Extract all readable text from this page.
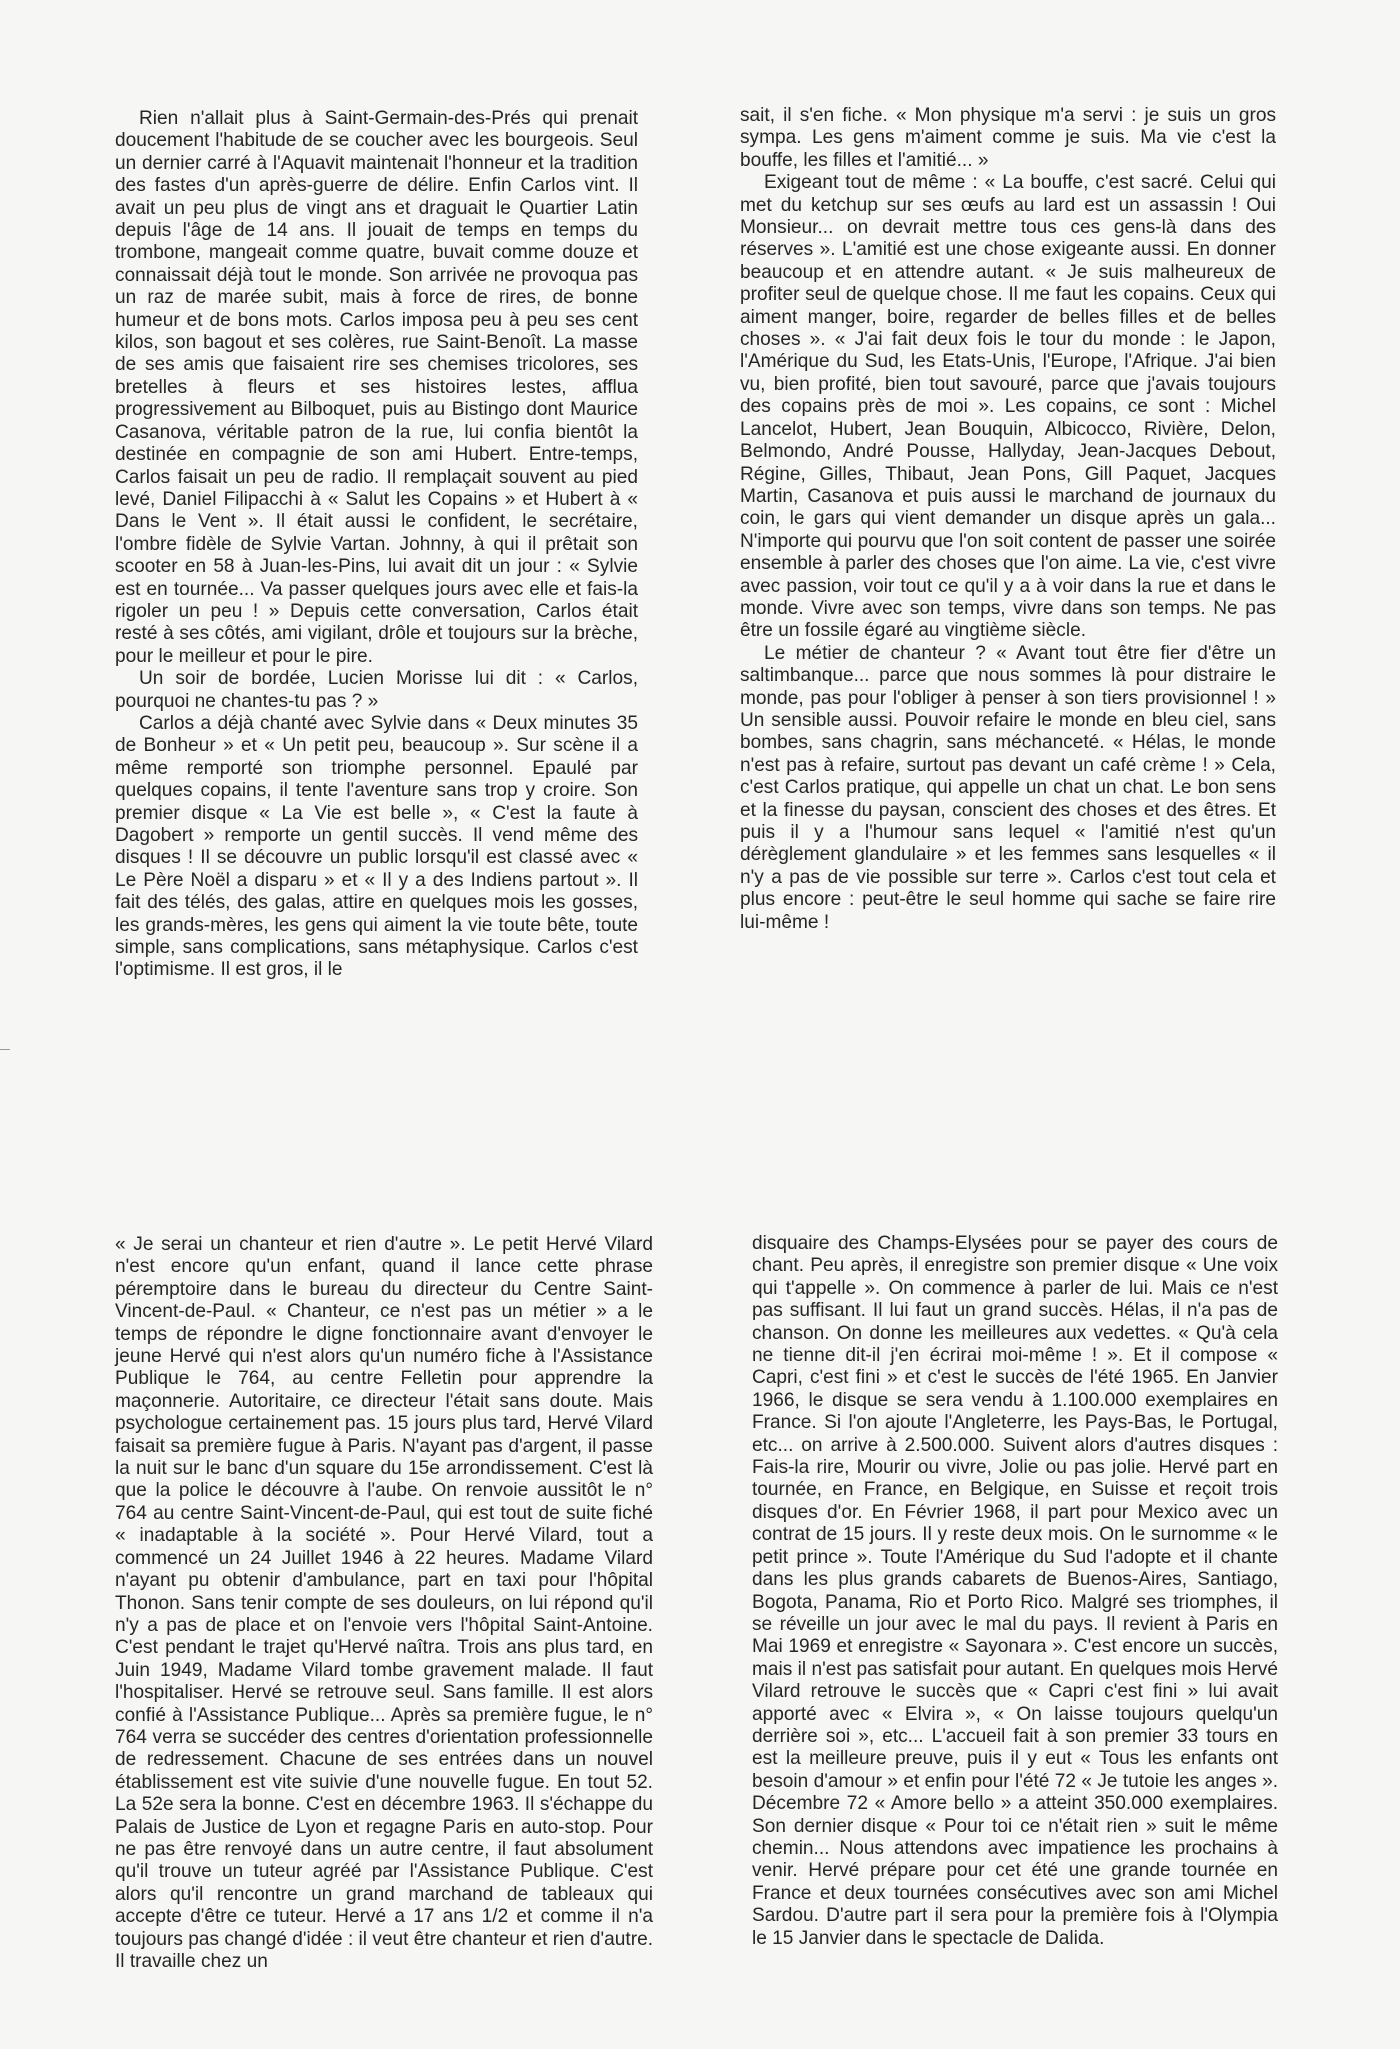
Rien n'allait plus à Saint-Germain-des-Prés qui prenait doucement l'habitude de se coucher avec les bourgeois. Seul un dernier carré à l'Aquavit maintenait l'honneur et la tradition des fastes d'un après-guerre de délire. Enfin Carlos vint. Il avait un peu plus de vingt ans et draguait le Quartier Latin depuis l'âge de 14 ans. Il jouait de temps en temps du trombone, mangeait comme quatre, buvait comme douze et connaissait déjà tout le monde. Son arrivée ne provoqua pas un raz de marée subit, mais à force de rires, de bonne humeur et de bons mots. Carlos imposa peu à peu ses cent kilos, son bagout et ses colères, rue Saint-Benoît. La masse de ses amis que faisaient rire ses chemises tricolores, ses bretelles à fleurs et ses histoires lestes, afflua progressivement au Bilboquet, puis au Bistingo dont Maurice Casanova, véritable patron de la rue, lui confia bientôt la destinée en compagnie de son ami Hubert. Entre-temps, Carlos faisait un peu de radio. Il remplaçait souvent au pied levé, Daniel Filipacchi à « Salut les Copains » et Hubert à « Dans le Vent ». Il était aussi le confident, le secrétaire, l'ombre fidèle de Sylvie Vartan. Johnny, à qui il prêtait son scooter en 58 à Juan-les-Pins, lui avait dit un jour : « Sylvie est en tournée... Va passer quelques jours avec elle et fais-la rigoler un peu ! » Depuis cette conversation, Carlos était resté à ses côtés, ami vigilant, drôle et toujours sur la brèche, pour le meilleur et pour le pire.

Un soir de bordée, Lucien Morisse lui dit : « Carlos, pourquoi ne chantes-tu pas ? »

Carlos a déjà chanté avec Sylvie dans « Deux minutes 35 de Bonheur » et « Un petit peu, beaucoup ». Sur scène il a même remporté son triomphe personnel. Epaulé par quelques copains, il tente l'aventure sans trop y croire. Son premier disque « La Vie est belle », « C'est la faute à Dagobert » remporte un gentil succès. Il vend même des disques ! Il se découvre un public lorsqu'il est classé avec « Le Père Noël a disparu » et « Il y a des Indiens partout ». Il fait des télés, des galas, attire en quelques mois les gosses, les grands-mères, les gens qui aiment la vie toute bête, toute simple, sans complications, sans métaphysique. Carlos c'est l'optimisme. Il est gros, il le

sait, il s'en fiche. « Mon physique m'a servi : je suis un gros sympa. Les gens m'aiment comme je suis. Ma vie c'est la bouffe, les filles et l'amitié... »

Exigeant tout de même : « La bouffe, c'est sacré. Celui qui met du ketchup sur ses œufs au lard est un assassin ! Oui Monsieur... on devrait mettre tous ces gens-là dans des réserves ». L'amitié est une chose exigeante aussi. En donner beaucoup et en attendre autant. « Je suis malheureux de profiter seul de quelque chose. Il me faut les copains. Ceux qui aiment manger, boire, regarder de belles filles et de belles choses ». « J'ai fait deux fois le tour du monde : le Japon, l'Amérique du Sud, les Etats-Unis, l'Europe, l'Afrique. J'ai bien vu, bien profité, bien tout savouré, parce que j'avais toujours des copains près de moi ». Les copains, ce sont : Michel Lancelot, Hubert, Jean Bouquin, Albicocco, Rivière, Delon, Belmondo, André Pousse, Hallyday, Jean-Jacques Debout, Régine, Gilles, Thibaut, Jean Pons, Gill Paquet, Jacques Martin, Casanova et puis aussi le marchand de journaux du coin, le gars qui vient demander un disque après un gala... N'importe qui pourvu que l'on soit content de passer une soirée ensemble à parler des choses que l'on aime. La vie, c'est vivre avec passion, voir tout ce qu'il y a à voir dans la rue et dans le monde. Vivre avec son temps, vivre dans son temps. Ne pas être un fossile égaré au vingtième siècle.

Le métier de chanteur ? « Avant tout être fier d'être un saltimbanque... parce que nous sommes là pour distraire le monde, pas pour l'obliger à penser à son tiers provisionnel ! » Un sensible aussi. Pouvoir refaire le monde en bleu ciel, sans bombes, sans chagrin, sans méchanceté. « Hélas, le monde n'est pas à refaire, surtout pas devant un café crème ! » Cela, c'est Carlos pratique, qui appelle un chat un chat. Le bon sens et la finesse du paysan, conscient des choses et des êtres. Et puis il y a l'humour sans lequel « l'amitié n'est qu'un dérèglement glandulaire » et les femmes sans lesquelles « il n'y a pas de vie possible sur terre ». Carlos c'est tout cela et plus encore : peut-être le seul homme qui sache se faire rire lui-même !

« Je serai un chanteur et rien d'autre ». Le petit Hervé Vilard n'est encore qu'un enfant, quand il lance cette phrase péremptoire dans le bureau du directeur du Centre Saint-Vincent-de-Paul. « Chanteur, ce n'est pas un métier » a le temps de répondre le digne fonctionnaire avant d'envoyer le jeune Hervé qui n'est alors qu'un numéro fiche à l'Assistance Publique le 764, au centre Felletin pour apprendre la maçonnerie. Autoritaire, ce directeur l'était sans doute. Mais psychologue certainement pas. 15 jours plus tard, Hervé Vilard faisait sa première fugue à Paris. N'ayant pas d'argent, il passe la nuit sur le banc d'un square du 15e arrondissement. C'est là que la police le découvre à l'aube. On renvoie aussitôt le n° 764 au centre Saint-Vincent-de-Paul, qui est tout de suite fiché « inadaptable à la société ». Pour Hervé Vilard, tout a commencé un 24 Juillet 1946 à 22 heures. Madame Vilard n'ayant pu obtenir d'ambulance, part en taxi pour l'hôpital Thonon. Sans tenir compte de ses douleurs, on lui répond qu'il n'y a pas de place et on l'envoie vers l'hôpital Saint-Antoine. C'est pendant le trajet qu'Hervé naîtra. Trois ans plus tard, en Juin 1949, Madame Vilard tombe gravement malade. Il faut l'hospitaliser. Hervé se retrouve seul. Sans famille. Il est alors confié à l'Assistance Publique... Après sa première fugue, le n° 764 verra se succéder des centres d'orientation professionnelle de redressement. Chacune de ses entrées dans un nouvel établissement est vite suivie d'une nouvelle fugue. En tout 52. La 52e sera la bonne. C'est en décembre 1963. Il s'échappe du Palais de Justice de Lyon et regagne Paris en auto-stop. Pour ne pas être renvoyé dans un autre centre, il faut absolument qu'il trouve un tuteur agréé par l'Assistance Publique. C'est alors qu'il rencontre un grand marchand de tableaux qui accepte d'être ce tuteur. Hervé a 17 ans 1/2 et comme il n'a toujours pas changé d'idée : il veut être chanteur et rien d'autre. Il travaille chez un

disquaire des Champs-Elysées pour se payer des cours de chant. Peu après, il enregistre son premier disque « Une voix qui t'appelle ». On commence à parler de lui. Mais ce n'est pas suffisant. Il lui faut un grand succès. Hélas, il n'a pas de chanson. On donne les meilleures aux vedettes. « Qu'à cela ne tienne dit-il j'en écrirai moi-même ! ». Et il compose « Capri, c'est fini » et c'est le succès de l'été 1965. En Janvier 1966, le disque se sera vendu à 1.100.000 exemplaires en France. Si l'on ajoute l'Angleterre, les Pays-Bas, le Portugal, etc... on arrive à 2.500.000. Suivent alors d'autres disques : Fais-la rire, Mourir ou vivre, Jolie ou pas jolie. Hervé part en tournée, en France, en Belgique, en Suisse et reçoit trois disques d'or. En Février 1968, il part pour Mexico avec un contrat de 15 jours. Il y reste deux mois. On le surnomme « le petit prince ». Toute l'Amérique du Sud l'adopte et il chante dans les plus grands cabarets de Buenos-Aires, Santiago, Bogota, Panama, Rio et Porto Rico. Malgré ses triomphes, il se réveille un jour avec le mal du pays. Il revient à Paris en Mai 1969 et enregistre « Sayonara ». C'est encore un succès, mais il n'est pas satisfait pour autant. En quelques mois Hervé Vilard retrouve le succès que « Capri c'est fini » lui avait apporté avec « Elvira », « On laisse toujours quelqu'un derrière soi », etc... L'accueil fait à son premier 33 tours en est la meilleure preuve, puis il y eut « Tous les enfants ont besoin d'amour » et enfin pour l'été 72 « Je tutoie les anges ». Décembre 72 « Amore bello » a atteint 350.000 exemplaires. Son dernier disque « Pour toi ce n'était rien » suit le même chemin... Nous attendons avec impatience les prochains à venir. Hervé prépare pour cet été une grande tournée en France et deux tournées consécutives avec son ami Michel Sardou. D'autre part il sera pour la première fois à l'Olympia le 15 Janvier dans le spectacle de Dalida.
